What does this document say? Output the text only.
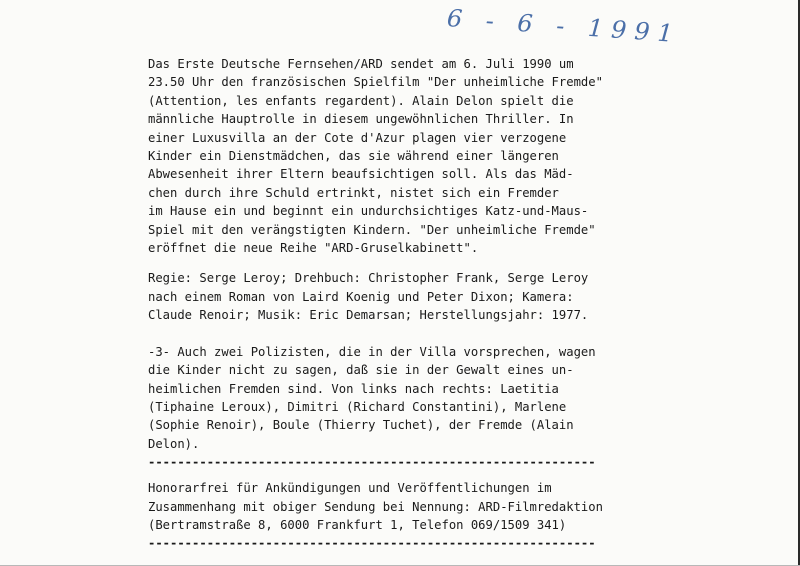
6 - 6 - 1991
Das Erste Deutsche Fernsehen/ARD sendet am 6. Juli 1990 um
23.50 Uhr den französischen Spielfilm "Der unheimliche Fremde"
(Attention, les enfants regardent). Alain Delon spielt die
männliche Hauptrolle in diesem ungewöhnlichen Thriller. In
einer Luxusvilla an der Cote d'Azur plagen vier verzogene
Kinder ein Dienstmädchen, das sie während einer längeren
Abwesenheit ihrer Eltern beaufsichtigen soll. Als das Mäd-
chen durch ihre Schuld ertrinkt, nistet sich ein Fremder
im Hause ein und beginnt ein undurchsichtiges Katz-und-Maus-
Spiel mit den verängstigten Kindern. "Der unheimliche Fremde"
eröffnet die neue Reihe "ARD-Gruselkabinett".
Regie: Serge Leroy; Drehbuch: Christopher Frank, Serge Leroy
nach einem Roman von Laird Koenig und Peter Dixon; Kamera:
Claude Renoir; Musik: Eric Demarsan; Herstellungsjahr: 1977.
-3- Auch zwei Polizisten, die in der Villa vorsprechen, wagen
die Kinder nicht zu sagen, daß sie in der Gewalt eines un-
heimlichen Fremden sind. Von links nach rechts: Laetitia
(Tiphaine Leroux), Dimitri (Richard Constantini), Marlene
(Sophie Renoir), Boule (Thierry Tuchet), der Fremde (Alain
Delon).
-------------------------------------------------------------
Honorarfrei für Ankündigungen und Veröffentlichungen im
Zusammenhang mit obiger Sendung bei Nennung: ARD-Filmredaktion
(Bertramstraße 8, 6000 Frankfurt 1, Telefon 069/1509 341)
-------------------------------------------------------------
